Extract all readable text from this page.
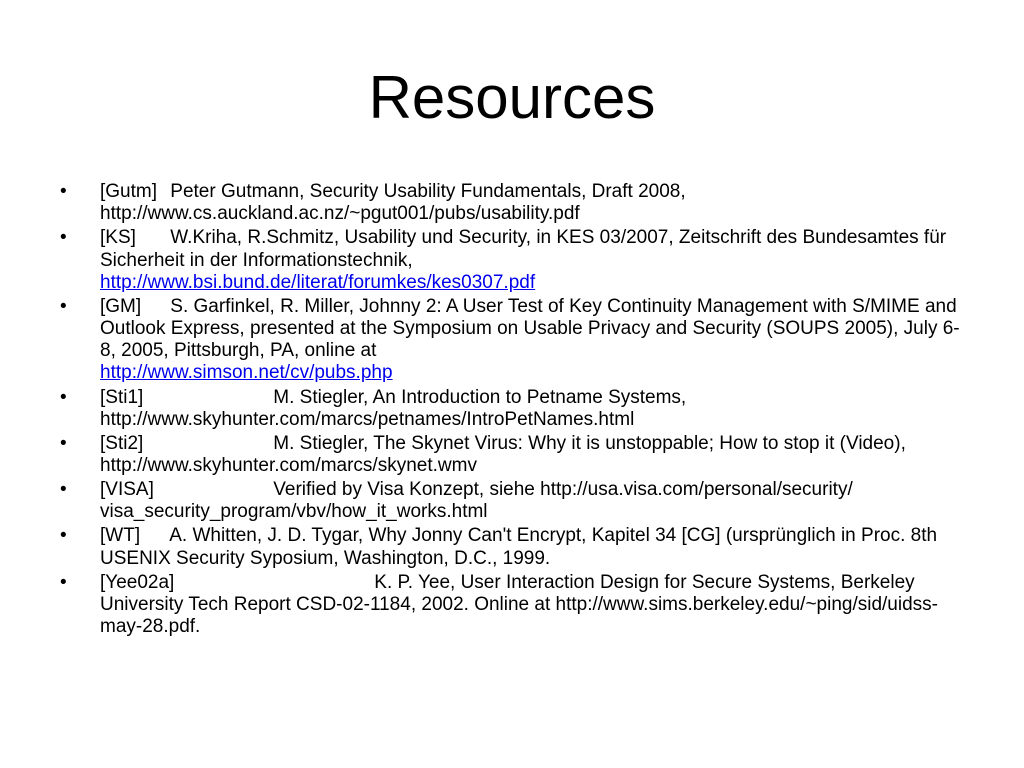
Resources
•	[Gutm] Peter Gutmann, Security Usability Fundamentals, Draft 2008, http://www.cs.auckland.ac.nz/~pgut001/pubs/usability.pdf
•	[KS] W.Kriha, R.Schmitz, Usability und Security, in KES 03/2007, Zeitschrift des Bundesamtes für Sicherheit in der Informationstechnik,
http://www.bsi.bund.de/literat/forumkes/kes0307.pdf
•	[GM] S. Garfinkel, R. Miller, Johnny 2: A User Test of Key Continuity Management with S/MIME and Outlook Express, presented at the Symposium on Usable Privacy and Security (SOUPS 2005), July 6-8, 2005, Pittsburgh, PA, online at
http://www.simson.net/cv/pubs.php
•	[Sti1]	M. Stiegler, An Introduction to Petname Systems, http://www.skyhunter.com/marcs/petnames/IntroPetNames.html
•	[Sti2]	M. Stiegler, The Skynet Virus: Why it is unstoppable; How to stop it (Video), http://www.skyhunter.com/marcs/skynet.wmv
•	[VISA]	Verified by Visa Konzept, siehe http://usa.visa.com/personal/security/ visa_security_program/vbv/how_it_works.html
•	[WT] A. Whitten, J. D. Tygar, Why Jonny Can't Encrypt, Kapitel 34 [CG] (ursprünglich in Proc. 8th USENIX Security Syposium, Washington, D.C., 1999.
•	[Yee02a]	K. P. Yee, User Interaction Design for Secure Systems, Berkeley University Tech Report CSD-02-1184, 2002. Online at http://www.sims.berkeley.edu/~ping/sid/uidss-may-28.pdf.
